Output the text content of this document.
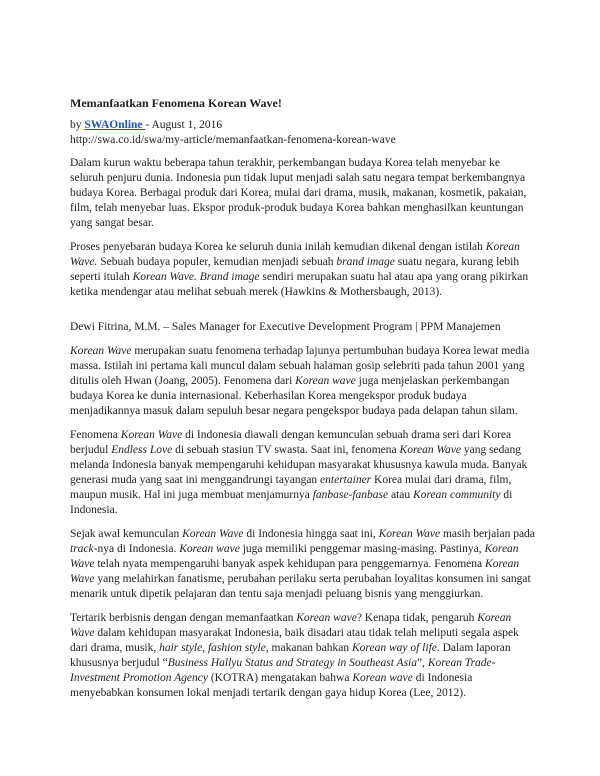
Memanfaatkan Fenomena Korean Wave!
by SWAOnline - August 1, 2016
http://swa.co.id/swa/my-article/memanfaatkan-fenomena-korean-wave

Dalam kurun waktu beberapa tahun terakhir, perkembangan budaya Korea telah menyebar ke seluruh penjuru dunia. Indonesia pun tidak luput menjadi salah satu negara tempat berkembangnya budaya Korea. Berbagai produk dari Korea, mulai dari drama, musik, makanan, kosmetik, pakaian, film, telah menyebar luas. Ekspor produk-produk budaya Korea bahkan menghasilkan keuntungan yang sangat besar.

Proses penyebaran budaya Korea ke seluruh dunia inilah kemudian dikenal dengan istilah Korean Wave. Sebuah budaya populer, kemudian menjadi sebuah brand image suatu negara, kurang lebih seperti itulah Korean Wave. Brand image sendiri merupakan suatu hal atau apa yang orang pikirkan ketika mendengar atau melihat sebuah merek (Hawkins & Mothersbaugh, 2013).

Dewi Fitrina, M.M. – Sales Manager for Executive Development Program | PPM Manajemen

Korean Wave merupakan suatu fenomena terhadap lajunya pertumbuhan budaya Korea lewat media massa. Istilah ini pertama kali muncul dalam sebuah halaman gosip selebriti pada tahun 2001 yang ditulis oleh Hwan (Joang, 2005). Fenomena dari Korean wave juga menjelaskan perkembangan budaya Korea ke dunia internasional. Keberhasilan Korea mengekspor produk budaya menjadikannya masuk dalam sepuluh besar negara pengekspor budaya pada delapan tahun silam.

Fenomena Korean Wave di Indonesia diawali dengan kemunculan sebuah drama seri dari Korea berjudul Endless Love di sebuah stasiun TV swasta. Saat ini, fenomena Korean Wave yang sedang melanda Indonesia banyak mempengaruhi kehidupan masyarakat khususnya kawula muda. Banyak generasi muda yang saat ini menggandrungi tayangan entertainer Korea mulai dari drama, film, maupun musik. Hal ini juga membuat menjamurnya fanbase-fanbase atau Korean community di Indonesia.

Sejak awal kemunculan Korean Wave di Indonesia hingga saat ini, Korean Wave masih berjalan pada track-nya di Indonesia. Korean wave juga memiliki penggemar masing-masing. Pastinya, Korean Wave telah nyata mempengaruhi banyak aspek kehidupan para penggemarnya. Fenomena Korean Wave yang melahirkan fanatisme, perubahan perilaku serta perubahan loyalitas konsumen ini sangat menarik untuk dipetik pelajaran dan tentu saja menjadi peluang bisnis yang menggiurkan.

Tertarik berbisnis dengan dengan memanfaatkan Korean wave? Kenapa tidak, pengaruh Korean Wave dalam kehidupan masyarakat Indonesia, baik disadari atau tidak telah meliputi segala aspek dari drama, musik, hair style, fashion style, makanan bahkan Korean way of life. Dalam laporan khususnya berjudul “Business Hallyu Status and Strategy in Southeast Asia”, Korean Trade-Investment Promotion Agency (KOTRA) mengatakan bahwa Korean wave di Indonesia menyebabkan konsumen lokal menjadi tertarik dengan gaya hidup Korea (Lee, 2012).
